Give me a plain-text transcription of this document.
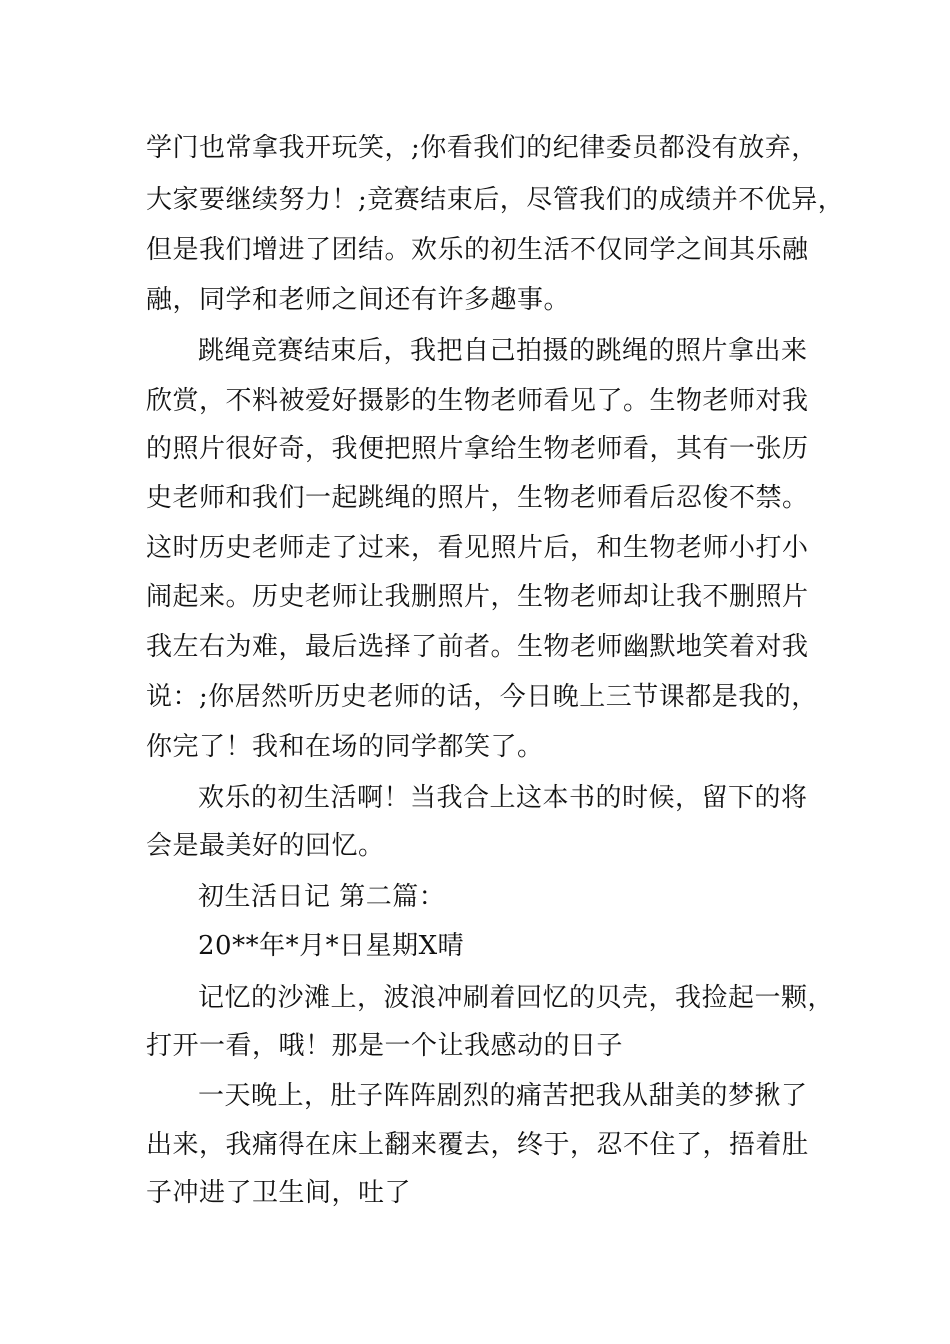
学门也常拿我开玩笑，;你看我们的纪律委员都没有放弃，
大家要继续努力！;竞赛结束后，尽管我们的成绩并不优异，
但是我们增进了团结。欢乐的初生活不仅同学之间其乐融
融，同学和老师之间还有许多趣事。
跳绳竞赛结束后，我把自己拍摄的跳绳的照片拿出来
欣赏，不料被爱好摄影的生物老师看见了。生物老师对我
的照片很好奇，我便把照片拿给生物老师看，其有一张历
史老师和我们一起跳绳的照片，生物老师看后忍俊不禁。
这时历史老师走了过来，看见照片后，和生物老师小打小
闹起来。历史老师让我删照片，生物老师却让我不删照片
我左右为难，最后选择了前者。生物老师幽默地笑着对我
说：;你居然听历史老师的话，今日晚上三节课都是我的，
你完了！我和在场的同学都笑了。
欢乐的初生活啊！当我合上这本书的时候，留下的将
会是最美好的回忆。
初生活日记 第二篇：
20**年*月*日星期X晴
记忆的沙滩上，波浪冲刷着回忆的贝壳，我捡起一颗，
打开一看，哦！那是一个让我感动的日子
一天晚上，肚子阵阵剧烈的痛苦把我从甜美的梦揪了
出来，我痛得在床上翻来覆去，终于，忍不住了，捂着肚
子冲进了卫生间，吐了
